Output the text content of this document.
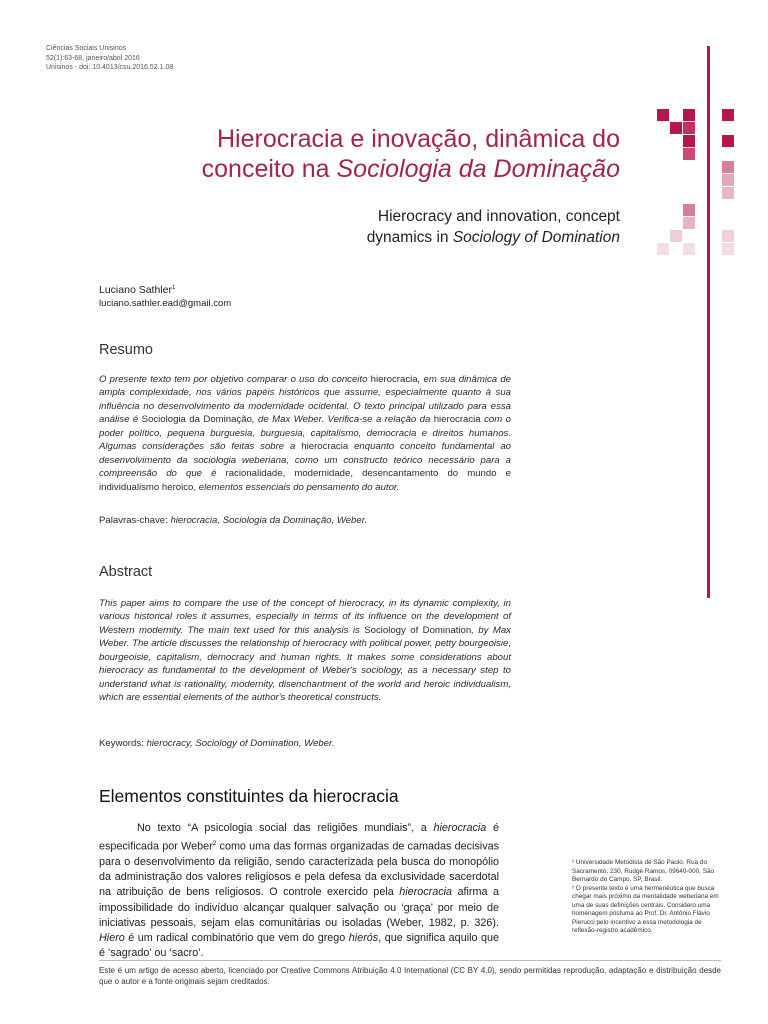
Ciências Sociais Unisinos
52(1):63-68, janeiro/abril 2016
Unisinos - doi: 10.4013/csu.2016.52.1.08
Hierocracia e inovação, dinâmica do
conceito na Sociologia da Dominação
Hierocracy and innovation, concept
dynamics in Sociology of Domination
Luciano Sathler$^1$
luciano.sathler.ead@gmail.com
Resumo
O presente texto tem por objetivo comparar o uso do conceito hierocracia, em sua dinâmica de ampla complexidade, nos vários papéis históricos que assume, especialmente quanto à sua influência no desenvolvimento da modernidade ocidental. O texto principal utilizado para essa análise é Sociologia da Dominação, de Max Weber. Verifica-se a relação da hierocracia com o poder político, pequena burguesia, burguesia, capitalismo, democracia e direitos humanos. Algumas considerações são feitas sobre a hierocracia enquanto conceito fundamental ao desenvolvimento da sociologia weberiana, como um constructo teórico necessário para a compreensão do que é racionalidade, modernidade, desencantamento do mundo e individualismo heroico, elementos essenciais do pensamento do autor.
Palavras-chave: hierocracia, Sociologia da Dominação, Weber.
Abstract
This paper aims to compare the use of the concept of hierocracy, in its dynamic complexity, in various historical roles it assumes, especially in terms of its influence on the development of Western modernity. The main text used for this analysis is Sociology of Domination, by Max Weber. The article discusses the relationship of hierocracy with political power, petty bourgeoisie, bourgeoisie, capitalism, democracy and human rights. It makes some considerations about hierocracy as fundamental to the development of Weber's sociology, as a necessary step to understand what is rationality, modernity, disenchantment of the world and heroic individualism, which are essential elements of the author's theoretical constructs.
Keywords: hierocracy, Sociology of Domination, Weber.
Elementos constituintes da hierocracia
No texto “A psicologia social das religiões mundiais”, a hierocracia é especificada por Weber$^2$ como uma das formas organizadas de camadas decisivas para o desenvolvimento da religião, sendo caracterizada pela busca do monopólio da administração dos valores religiosos e pela defesa da exclusividade sacerdotal na atribuição de bens religiosos. O controle exercido pela hierocracia afirma a impossibilidade do indivíduo alcançar qualquer salvação ou ‘graça’ por meio de iniciativas pessoais, sejam elas comunitárias ou isoladas (Weber, 1982, p. 326). Hiero é um radical combinatório que vem do grego hierós, que significa aquilo que é ‘sagrado’ ou ‘sacro’.
¹ Universidade Metodista de São Paulo. Rua do Sacramento, 230, Rudge Ramos, 09640-000, São Bernardo do Campo, SP, Brasil.
² O presente texto é uma hermenêutica que busca chegar mais próximo da mentalidade weberiana em uma de suas definições centrais. Considero uma homenagem póstuma ao Prof. Dr. Antônio Flávio Pierucci pelo incentivo a essa metodologia de reflexão-registro acadêmico.
Este é um artigo de acesso aberto, licenciado por Creative Commons Atribuição 4.0 International (CC BY 4.0), sendo permitidas reprodução, adaptação e distribuição desde que o autor e a fonte originais sejam creditados.
